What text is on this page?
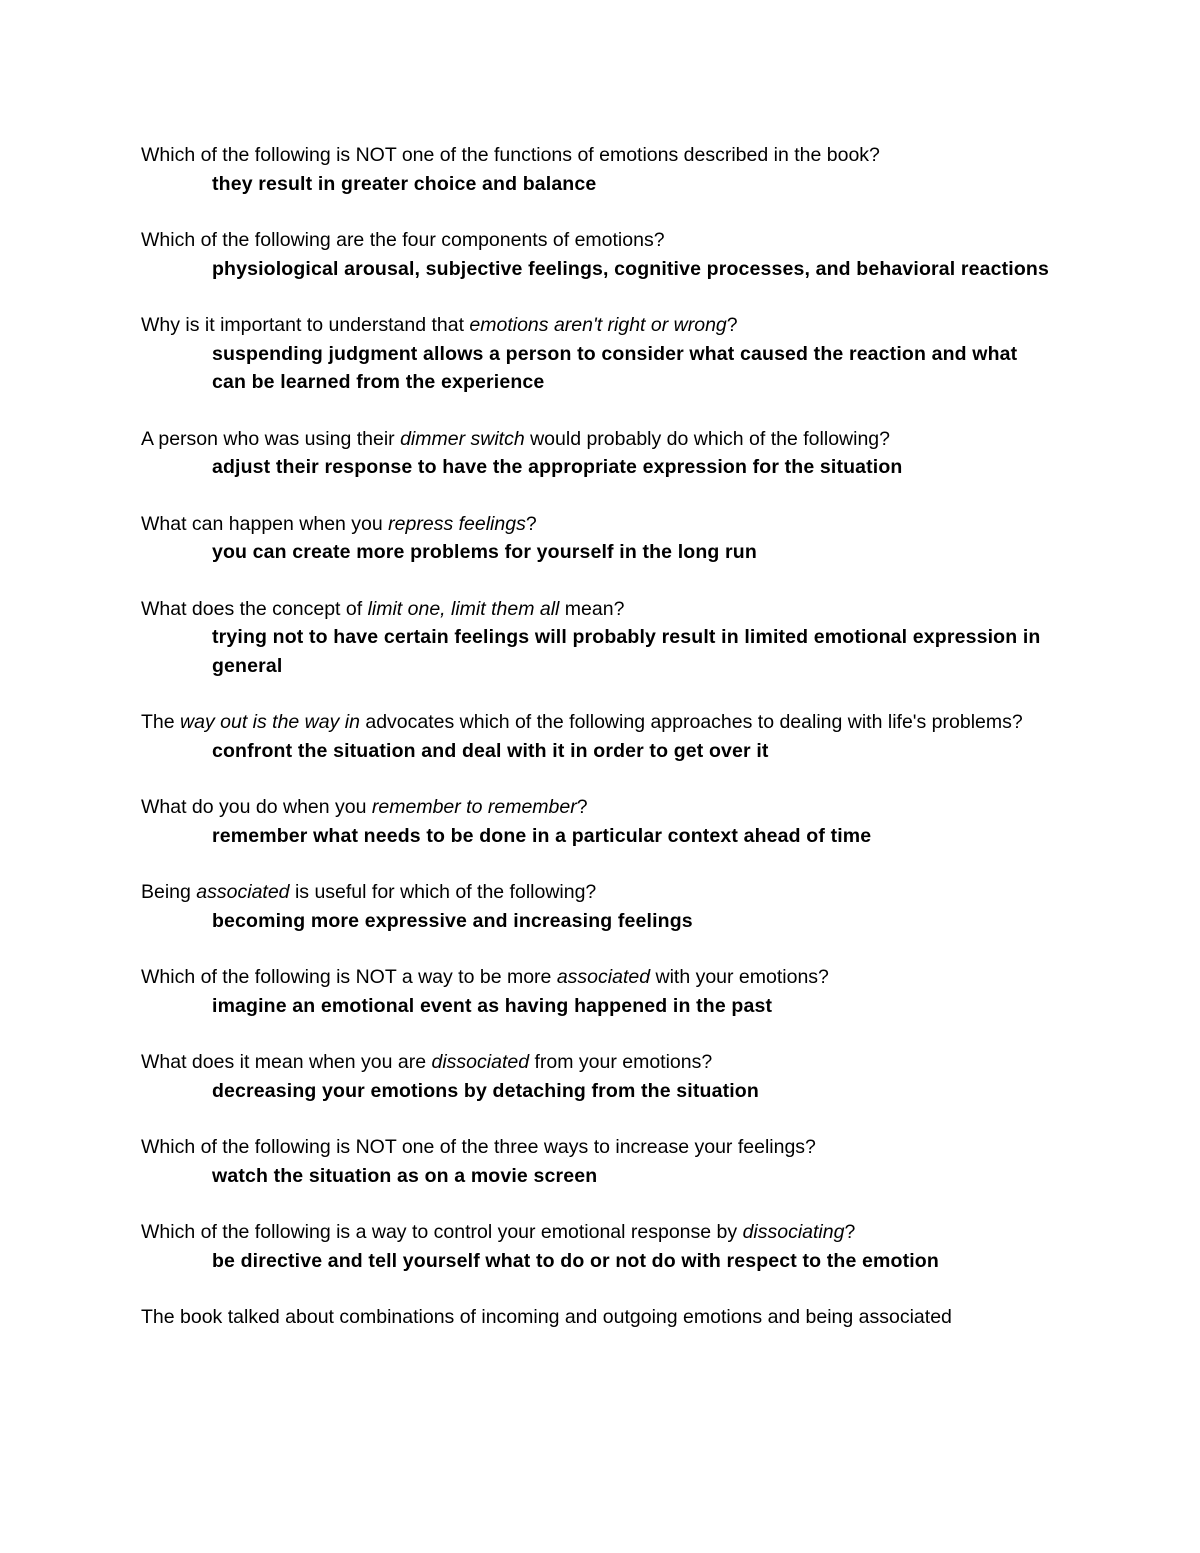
Which of the following is NOT one of the functions of emotions described in the book?

they result in greater choice and balance

Which of the following are the four components of emotions?

physiological arousal, subjective feelings, cognitive processes, and behavioral reactions

Why is it important to understand that emotions aren't right or wrong?

suspending judgment allows a person to consider what caused the reaction and what can be learned from the experience

A person who was using their dimmer switch would probably do which of the following?

adjust their response to have the appropriate expression for the situation

What can happen when you repress feelings?

you can create more problems for yourself in the long run

What does the concept of limit one, limit them all mean?

trying not to have certain feelings will probably result in limited emotional expression in general

The way out is the way in advocates which of the following approaches to dealing with life's problems?

confront the situation and deal with it in order to get over it

What do you do when you remember to remember?

remember what needs to be done in a particular context ahead of time

Being associated is useful for which of the following?

becoming more expressive and increasing feelings

Which of the following is NOT a way to be more associated with your emotions?

imagine an emotional event as having happened in the past

What does it mean when you are dissociated from your emotions?

decreasing your emotions by detaching from the situation

Which of the following is NOT one of the three ways to increase your feelings?

watch the situation as on a movie screen

Which of the following is a way to control your emotional response by dissociating?

be directive and tell yourself what to do or not do with respect to the emotion

The book talked about combinations of incoming and outgoing emotions and being associated
